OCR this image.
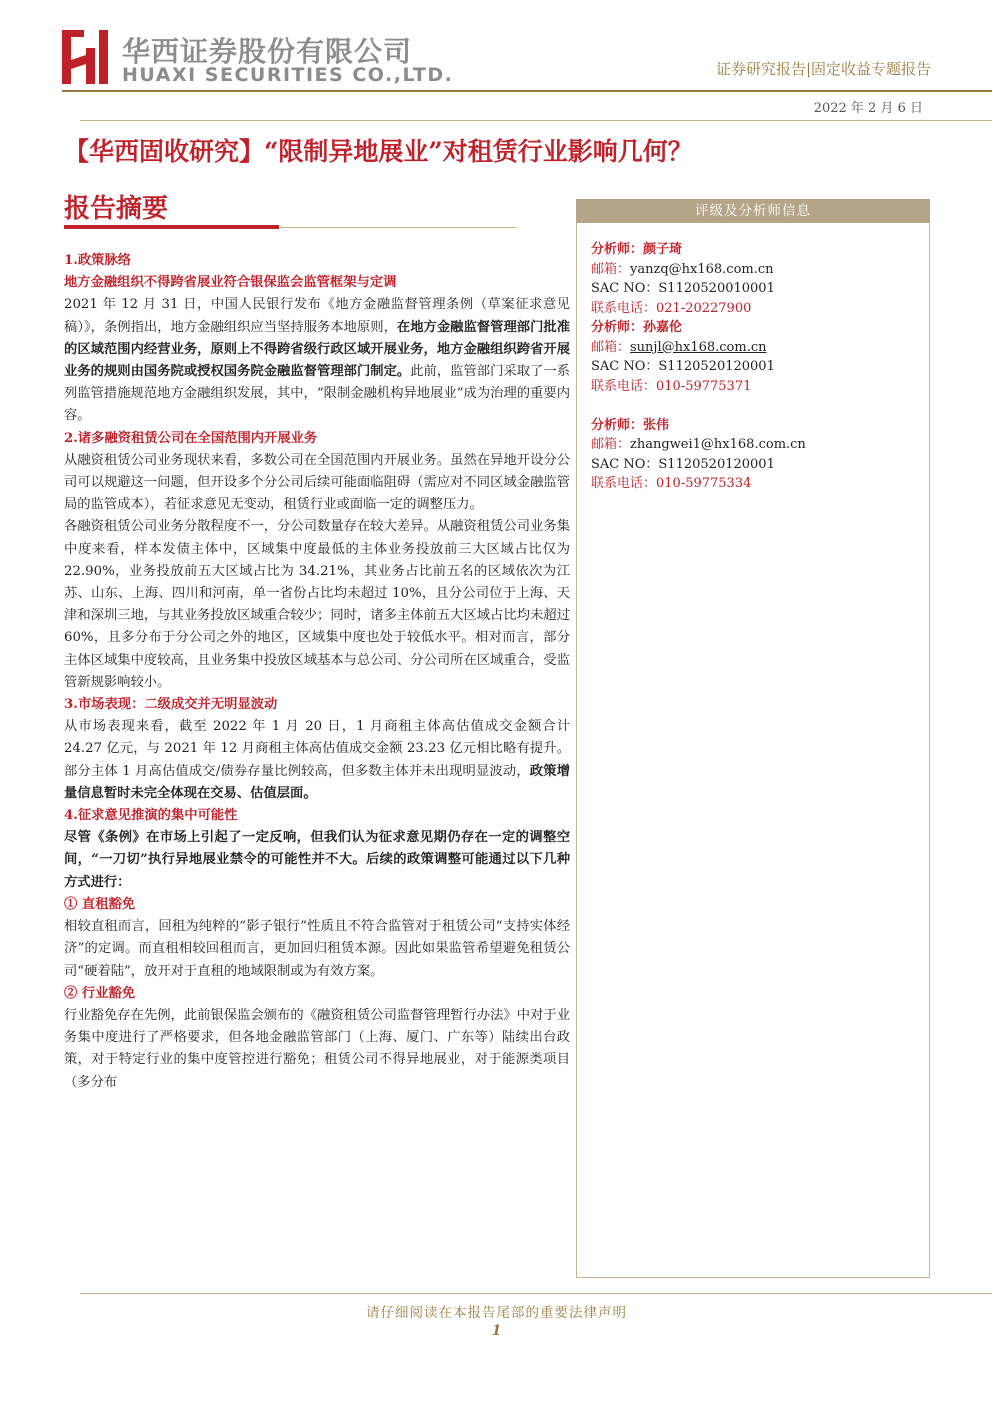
华西证券股份有限公司
HUAXI SECURITIES CO.,LTD.	证券研究报告|固定收益专题报告
2022 年 2 月 6 日
【华西固收研究】“限制异地展业”对租赁行业影响几何？
报告摘要

1.政策脉络

地方金融组织不得跨省展业符合银保监会监管框架与定调

2021 年 12 月 31 日，中国人民银行发布《地方金融监督管理条例（草案征求意见稿）》，条例指出，地方金融组织应当坚持服务本地原则，在地方金融监督管理部门批准的区域范围内经营业务，原则上不得跨省级行政区域开展业务，地方金融组织跨省开展业务的规则由国务院或授权国务院金融监督管理部门制定。此前，监管部门采取了一系列监管措施规范地方金融组织发展，其中，“限制金融机构异地展业”成为治理的重要内容。

2.诸多融资租赁公司在全国范围内开展业务

从融资租赁公司业务现状来看，多数公司在全国范围内开展业务。虽然在异地开设分公司可以规避这一问题，但开设多个分公司后续可能面临阻碍（需应对不同区域金融监管局的监管成本），若征求意见无变动，租赁行业或面临一定的调整压力。

各融资租赁公司业务分散程度不一，分公司数量存在较大差异。从融资租赁公司业务集中度来看，样本发债主体中，区域集中度最低的主体业务投放前三大区域占比仅为 22.90%，业务投放前五大区域占比为 34.21%，其业务占比前五名的区域依次为江苏、山东、上海、四川和河南，单一省份占比均未超过 10%，且分公司位于上海、天津和深圳三地，与其业务投放区域重合较少；同时，诸多主体前五大区域占比均未超过 60%，且多分布于分公司之外的地区，区域集中度也处于较低水平。相对而言，部分主体区域集中度较高，且业务集中投放区域基本与总公司、分公司所在区域重合，受监管新规影响较小。

3.市场表现：二级成交并无明显波动

从市场表现来看，截至 2022 年 1 月 20 日，1 月商租主体高估值成交金额合计 24.27 亿元，与 2021 年 12 月商租主体高估值成交金额 23.23 亿元相比略有提升。部分主体 1 月高估值成交/债券存量比例较高，但多数主体并未出现明显波动，政策增量信息暂时未完全体现在交易、估值层面。

4.征求意见推演的集中可能性

尽管《条例》在市场上引起了一定反响，但我们认为征求意见期仍存在一定的调整空间，“一刀切”执行异地展业禁令的可能性并不大。后续的政策调整可能通过以下几种方式进行：

① 直租豁免

相较直租而言，回租为纯粹的“影子银行”性质且不符合监管对于租赁公司“支持实体经济”的定调。而直租相较回租而言，更加回归租赁本源。因此如果监管希望避免租赁公司“硬着陆”，放开对于直租的地域限制或为有效方案。

② 行业豁免

行业豁免存在先例，此前银保监会颁布的《融资租赁公司监督管理暂行办法》中对于业务集中度进行了严格要求，但各地金融监管部门（上海、厦门、广东等）陆续出台政策，对于特定行业的集中度管控进行豁免；租赁公司不得异地展业，对于能源类项目（多分布

评级及分析师信息
分析师：颜子琦
邮箱：yanzq@hx168.com.cn
SAC NO：S1120520010001
联系电话：021-20227900
分析师：孙嘉伦
邮箱：sunjl@hx168.com.cn
SAC NO：S1120520120001
联系电话：010-59775371
分析师：张伟
邮箱：zhangwei1@hx168.com.cn
SAC NO：S1120520120001
联系电话：010-59775334
请仔细阅读在本报告尾部的重要法律声明
1
